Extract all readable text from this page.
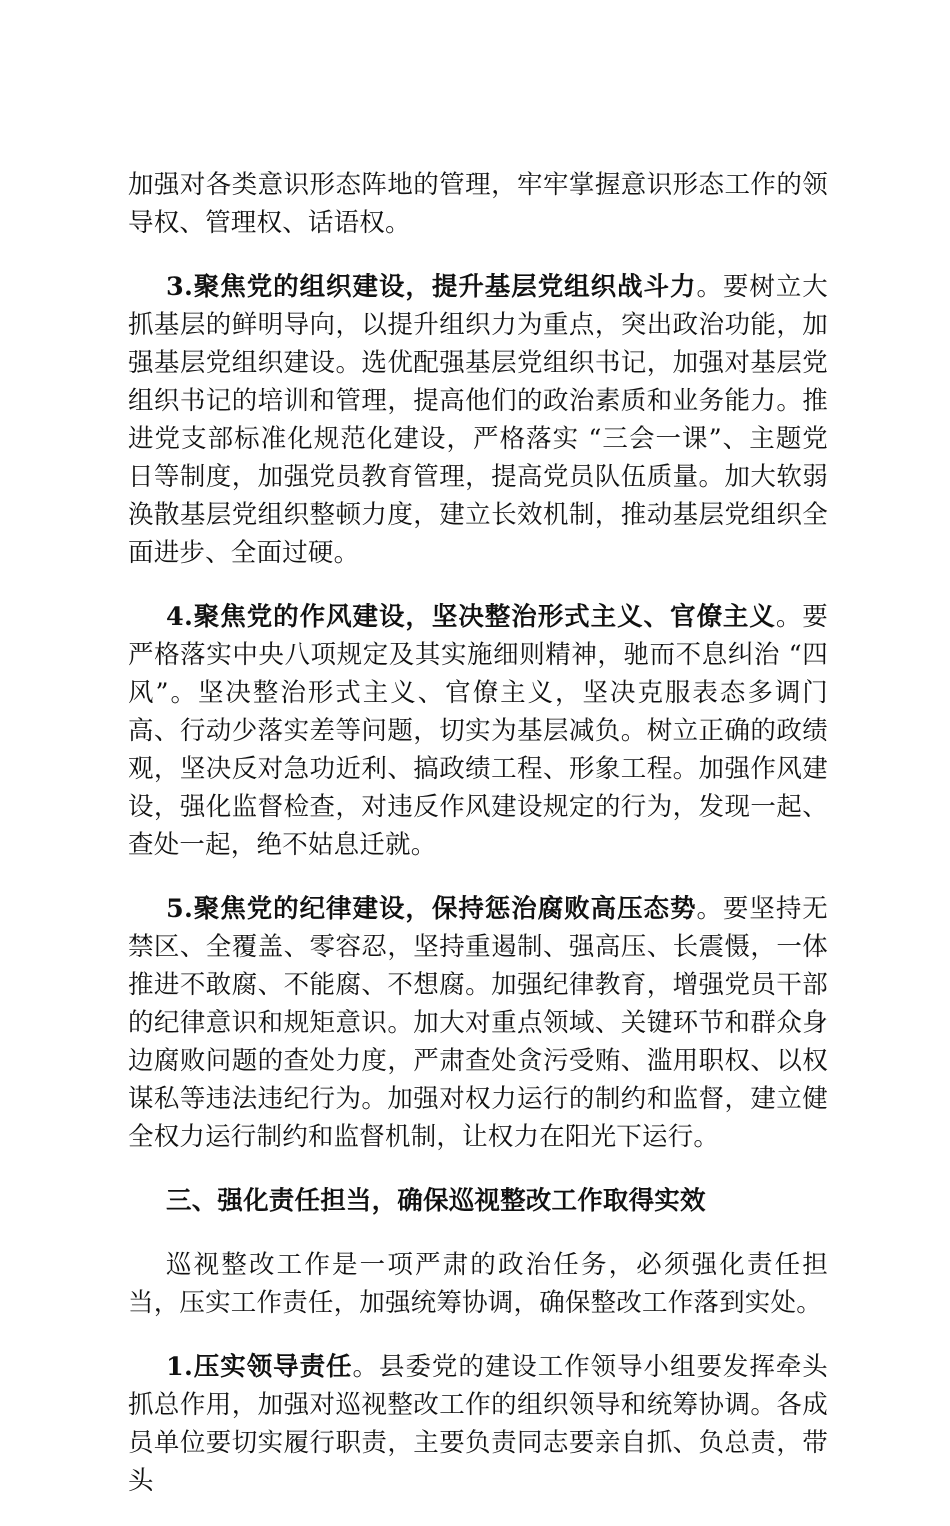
加强对各类意识形态阵地的管理，牢牢掌握意识形态工作的领导权、管理权、话语权。

3.聚焦党的组织建设，提升基层党组织战斗力。要树立大抓基层的鲜明导向，以提升组织力为重点，突出政治功能，加强基层党组织建设。选优配强基层党组织书记，加强对基层党组织书记的培训和管理，提高他们的政治素质和业务能力。推进党支部标准化规范化建设，严格落实 “三会一课”、主题党日等制度，加强党员教育管理，提高党员队伍质量。加大软弱涣散基层党组织整顿力度，建立长效机制，推动基层党组织全面进步、全面过硬。

4.聚焦党的作风建设，坚决整治形式主义、官僚主义。要严格落实中央八项规定及其实施细则精神，驰而不息纠治 “四风”。坚决整治形式主义、官僚主义，坚决克服表态多调门高、行动少落实差等问题，切实为基层减负。树立正确的政绩观，坚决反对急功近利、搞政绩工程、形象工程。加强作风建设，强化监督检查，对违反作风建设规定的行为，发现一起、查处一起，绝不姑息迁就。

5.聚焦党的纪律建设，保持惩治腐败高压态势。要坚持无禁区、全覆盖、零容忍，坚持重遏制、强高压、长震慑，一体推进不敢腐、不能腐、不想腐。加强纪律教育，增强党员干部的纪律意识和规矩意识。加大对重点领域、关键环节和群众身边腐败问题的查处力度，严肃查处贪污受贿、滥用职权、以权谋私等违法违纪行为。加强对权力运行的制约和监督，建立健全权力运行制约和监督机制，让权力在阳光下运行。

三、强化责任担当，确保巡视整改工作取得实效

巡视整改工作是一项严肃的政治任务，必须强化责任担当，压实工作责任，加强统筹协调，确保整改工作落到实处。

1.压实领导责任。县委党的建设工作领导小组要发挥牵头抓总作用，加强对巡视整改工作的组织领导和统筹协调。各成员单位要切实履行职责，主要负责同志要亲自抓、负总责，带头
